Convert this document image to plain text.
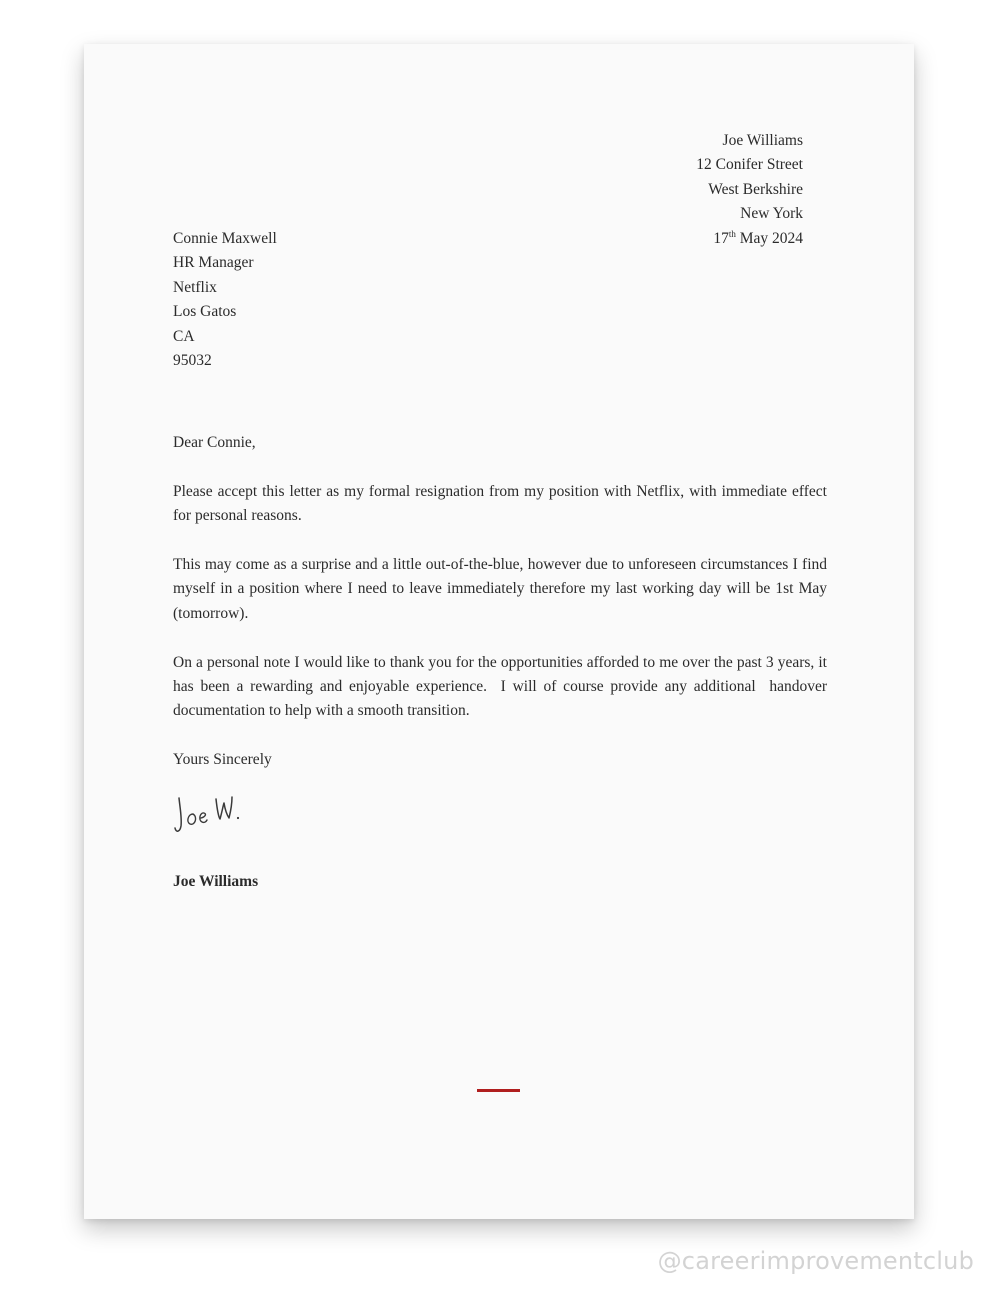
Joe Williams
12 Conifer Street
West Berkshire
New York
17th May 2024
Connie Maxwell
HR Manager
Netflix
Los Gatos
CA
95032
Dear Connie,

Please accept this letter as my formal resignation from my position with Netflix, with immediate effect for personal reasons.

This may come as a surprise and a little out-of-the-blue, however due to unforeseen circumstances I find myself in a position where I need to leave immediately therefore my last working day will be 1st May (tomorrow).

On a personal note I would like to thank you for the opportunities afforded to me over the past 3 years, it has been a rewarding and enjoyable experience.  I will of course provide any additional  handover documentation to help with a smooth transition.

Yours Sincerely
Joe Williams
@careerimprovementclub
